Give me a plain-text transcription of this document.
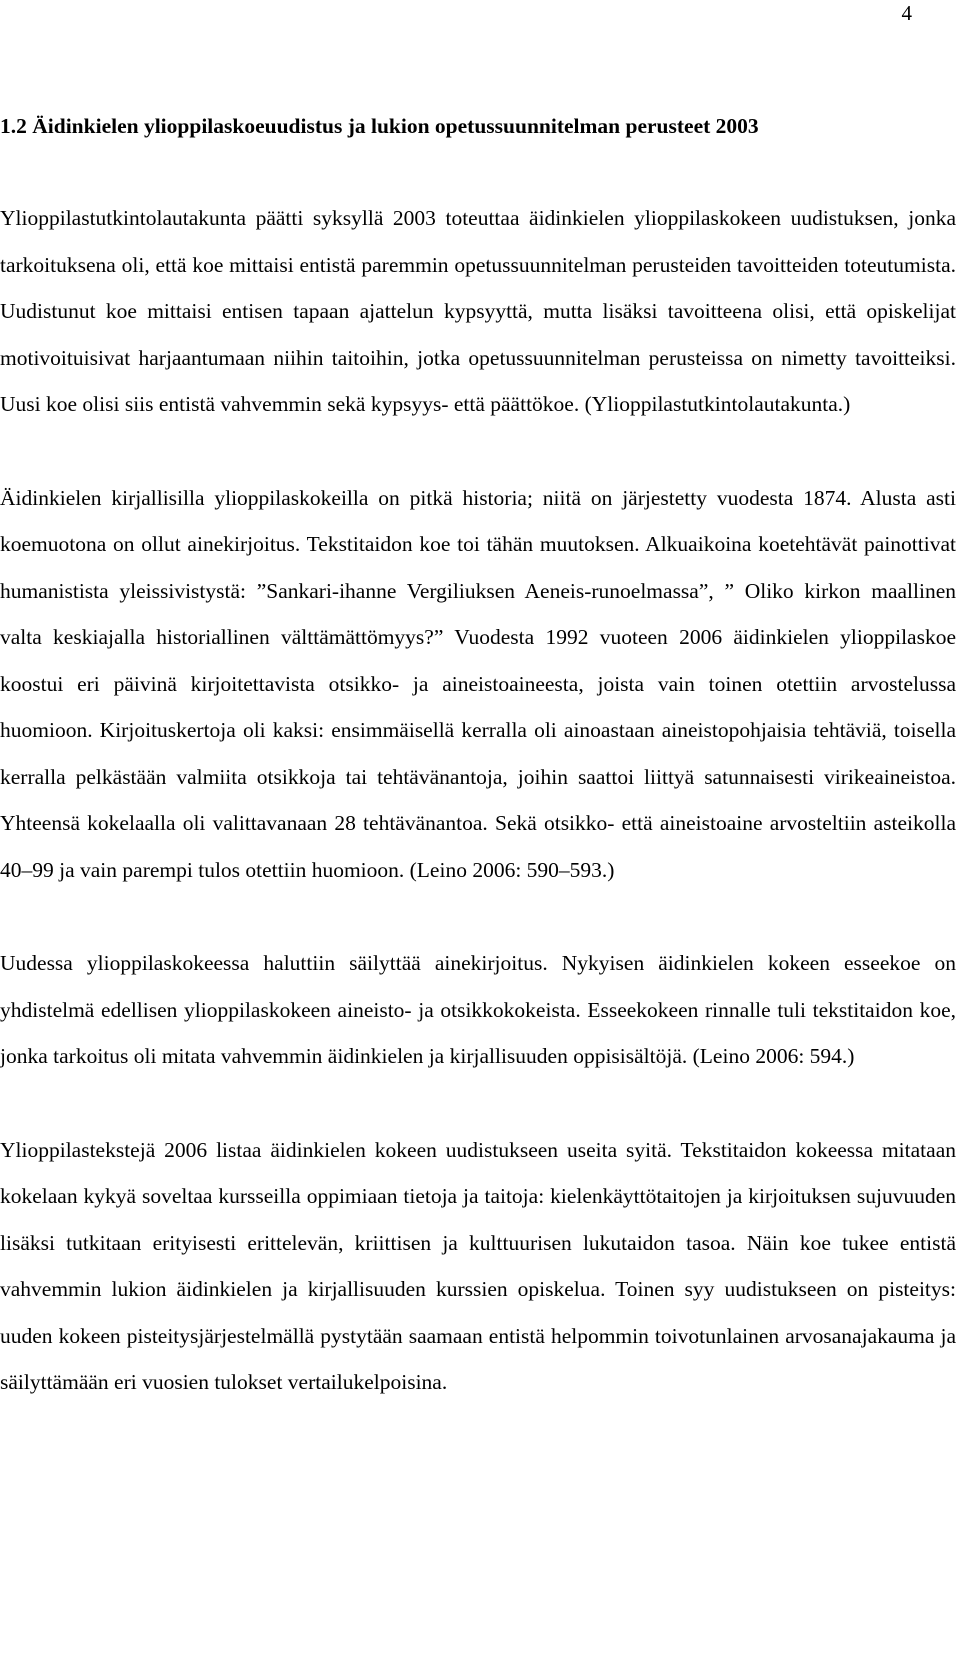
4
1.2 Äidinkielen ylioppilaskoeuudistus ja lukion opetussuunnitelman perusteet 2003

Ylioppilastutkintolautakunta päätti syksyllä 2003 toteuttaa äidinkielen ylioppilaskokeen uudistuksen, jonka tarkoituksena oli, että koe mittaisi entistä paremmin opetussuunnitelman perusteiden tavoitteiden toteutumista. Uudistunut koe mittaisi entisen tapaan ajattelun kypsyyttä, mutta lisäksi tavoitteena olisi, että opiskelijat motivoituisivat harjaantumaan niihin taitoihin, jotka opetussuunnitelman perusteissa on nimetty tavoitteiksi. Uusi koe olisi siis entistä vahvemmin sekä kypsyys- että päättökoe. (Ylioppilastutkintolautakunta.)

Äidinkielen kirjallisilla ylioppilaskokeilla on pitkä historia; niitä on järjestetty vuodesta 1874. Alusta asti koemuotona on ollut ainekirjoitus. Tekstitaidon koe toi tähän muutoksen. Alkuaikoina koetehtävät painottivat humanistista yleissivistystä: ”Sankari-ihanne Vergiliuksen Aeneis-runoelmassa”, ” Oliko kirkon maallinen valta keskiajalla historiallinen välttämättömyys?” Vuodesta 1992 vuoteen 2006 äidinkielen ylioppilaskoe koostui eri päivinä kirjoitettavista otsikko- ja aineistoaineesta, joista vain toinen otettiin arvostelussa huomioon. Kirjoituskertoja oli kaksi: ensimmäisellä kerralla oli ainoastaan aineistopohjaisia tehtäviä, toisella kerralla pelkästään valmiita otsikkoja tai tehtävänantoja, joihin saattoi liittyä satunnaisesti virikeaineistoa. Yhteensä kokelaalla oli valittavanaan 28 tehtävänantoa. Sekä otsikko- että aineistoaine arvosteltiin asteikolla 40–99 ja vain parempi tulos otettiin huomioon. (Leino 2006: 590–593.)

Uudessa ylioppilaskokeessa haluttiin säilyttää ainekirjoitus. Nykyisen äidinkielen kokeen esseekoe on yhdistelmä edellisen ylioppilaskokeen aineisto- ja otsikkokokeista. Esseekokeen rinnalle tuli tekstitaidon koe, jonka tarkoitus oli mitata vahvemmin äidinkielen ja kirjallisuuden oppisisältöjä. (Leino 2006: 594.)

Ylioppilastekstejä 2006 listaa äidinkielen kokeen uudistukseen useita syitä. Tekstitaidon kokeessa mitataan kokelaan kykyä soveltaa kursseilla oppimiaan tietoja ja taitoja: kielenkäyttötaitojen ja kirjoituksen sujuvuuden lisäksi tutkitaan erityisesti erittelevän, kriittisen ja kulttuurisen lukutaidon tasoa. Näin koe tukee entistä vahvemmin lukion äidinkielen ja kirjallisuuden kurssien opiskelua. Toinen syy uudistukseen on pisteitys: uuden kokeen pisteitysjärjestelmällä pystytään saamaan entistä helpommin toivotunlainen arvosanajakauma ja säilyttämään eri vuosien tulokset vertailukelpoisina.
